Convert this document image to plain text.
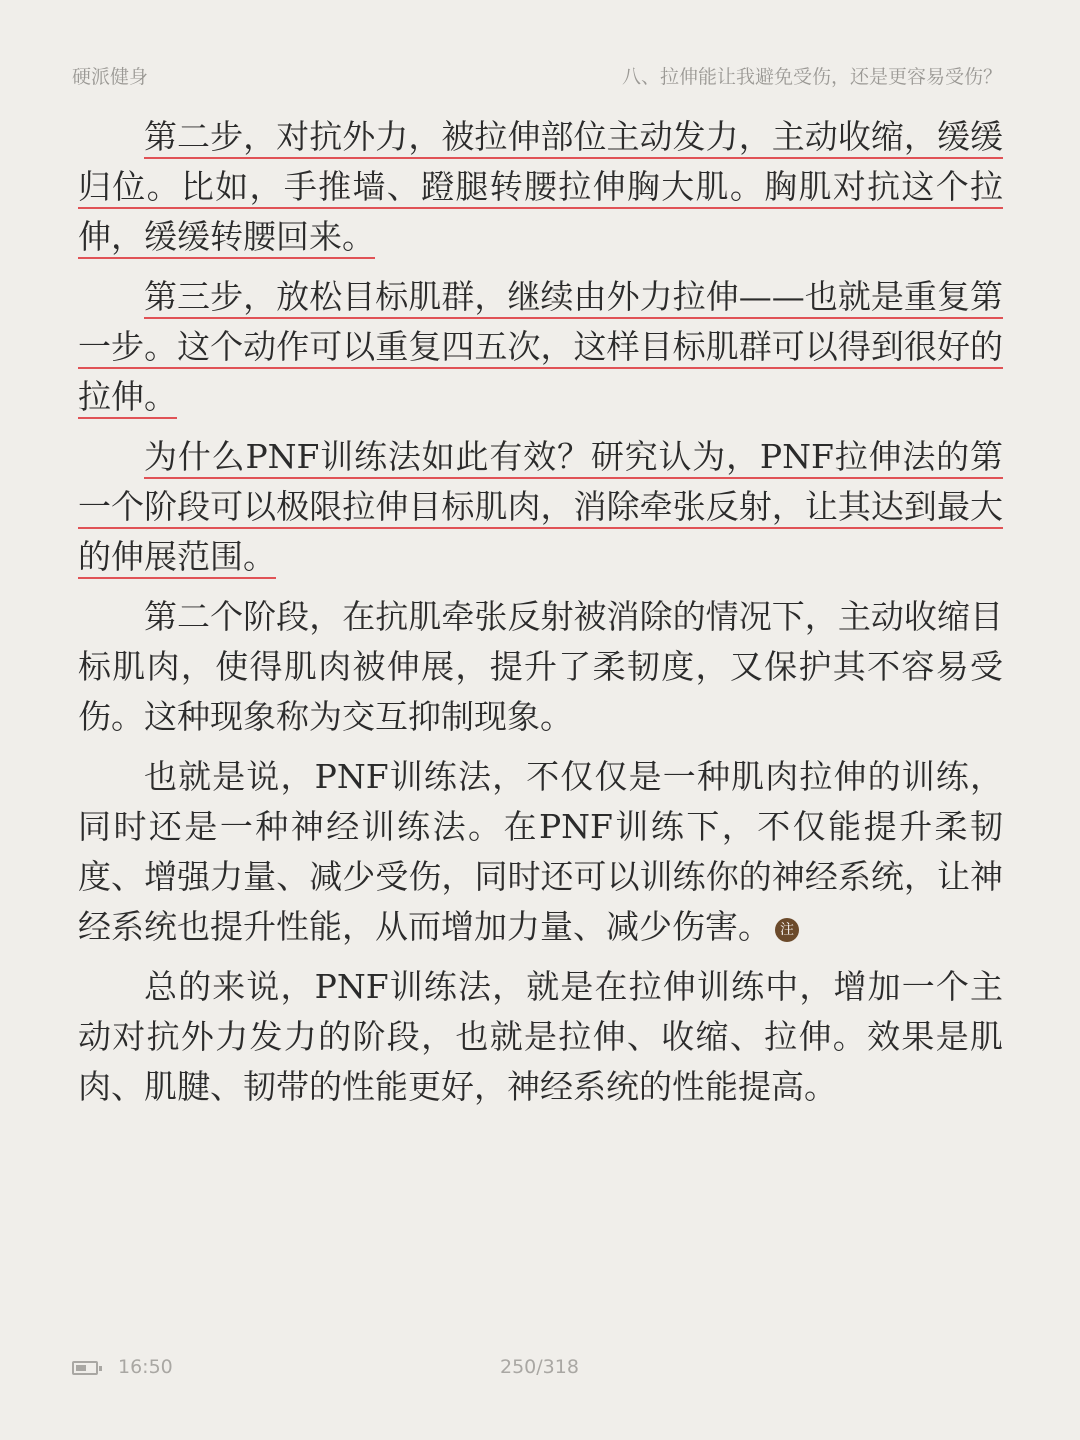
硬派健身	八、拉伸能让我避免受伤，还是更容易受伤？

第二步，对抗外力，被拉伸部位主动发力，主动收缩，缓缓归位。比如，手推墙、蹬腿转腰拉伸胸大肌。胸肌对抗这个拉伸，缓缓转腰回来。

第三步，放松目标肌群，继续由外力拉伸——也就是重复第一步。这个动作可以重复四五次，这样目标肌群可以得到很好的拉伸。

为什么PNF训练法如此有效？研究认为，PNF拉伸法的第一个阶段可以极限拉伸目标肌肉，消除牵张反射，让其达到最大的伸展范围。

第二个阶段，在抗肌牵张反射被消除的情况下，主动收缩目标肌肉，使得肌肉被伸展，提升了柔韧度，又保护其不容易受伤。这种现象称为交互抑制现象。

也就是说，PNF训练法，不仅仅是一种肌肉拉伸的训练，同时还是一种神经训练法。在PNF训练下，不仅能提升柔韧度、增强力量、减少受伤，同时还可以训练你的神经系统，让神经系统也提升性能，从而增加力量、减少伤害。 注

总的来说，PNF训练法，就是在拉伸训练中，增加一个主动对抗外力发力的阶段，也就是拉伸、收缩、拉伸。效果是肌肉、肌腱、韧带的性能更好，神经系统的性能提高。

16:50	250/318
